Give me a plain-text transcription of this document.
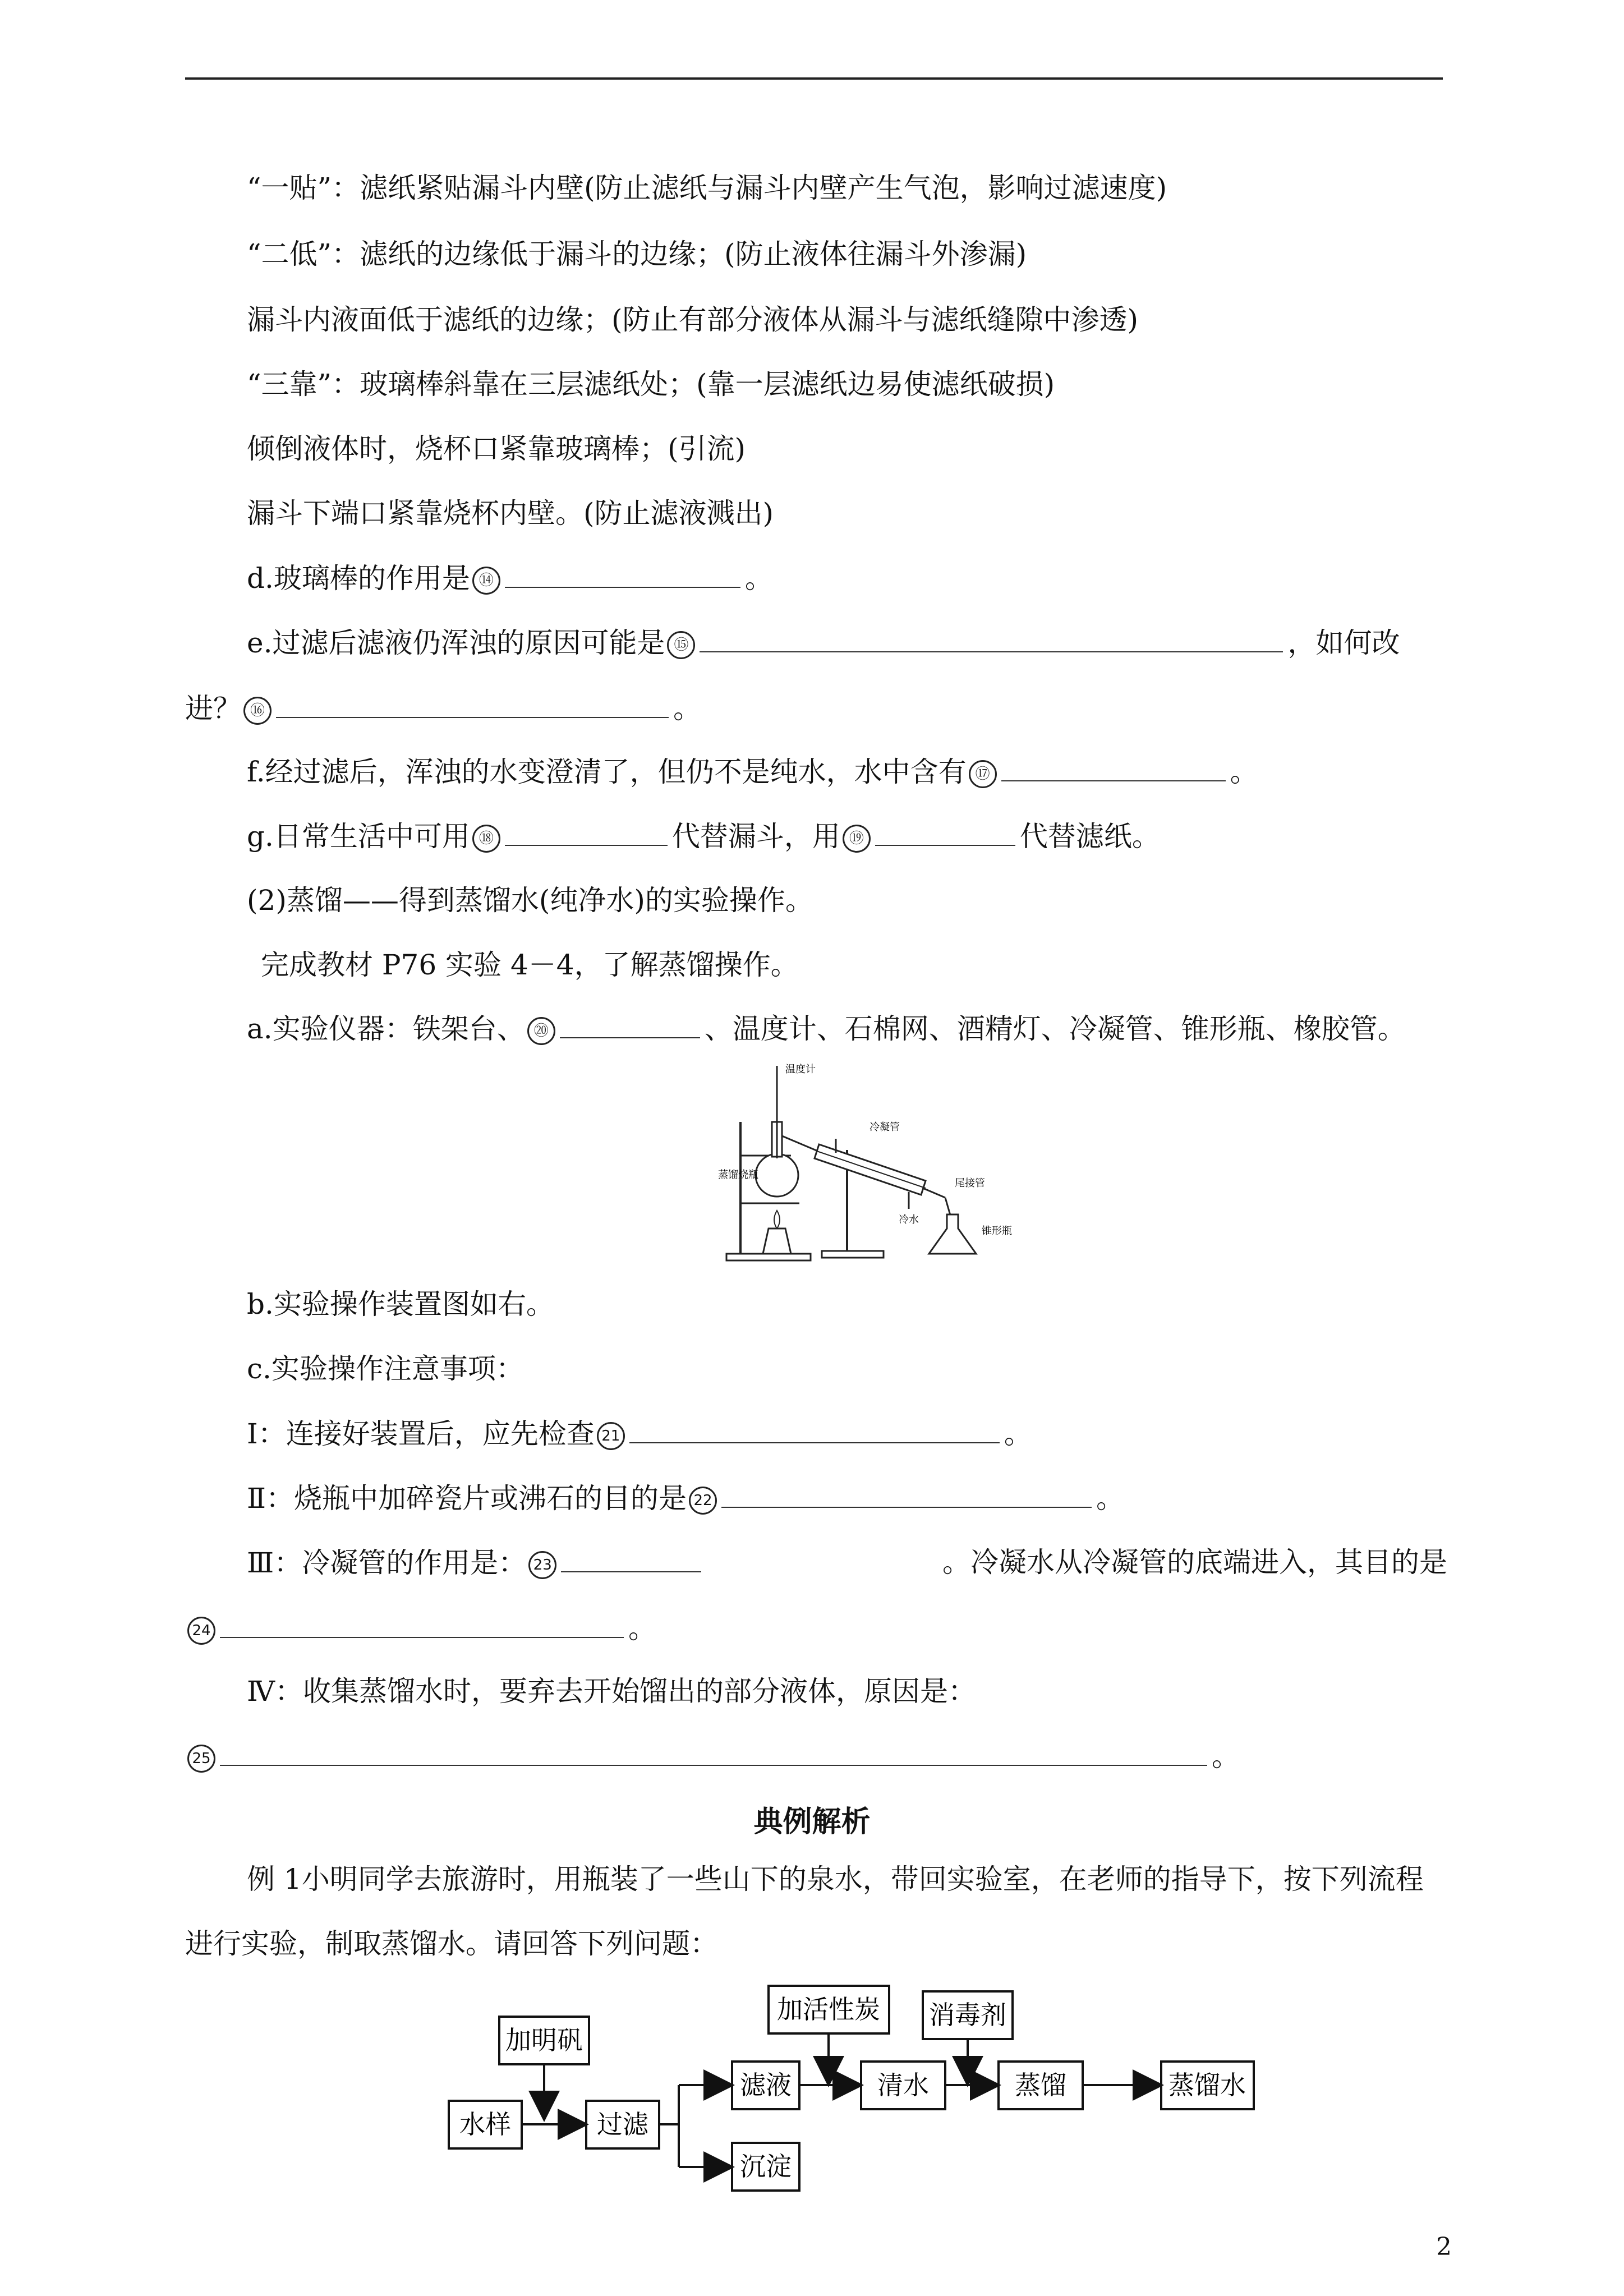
“一贴”：滤纸紧贴漏斗内壁(防止滤纸与漏斗内壁产生气泡，影响过滤速度)
“二低”：滤纸的边缘低于漏斗的边缘；(防止液体往漏斗外渗漏)
漏斗内液面低于滤纸的边缘；(防止有部分液体从漏斗与滤纸缝隙中渗透)
“三靠”：玻璃棒斜靠在三层滤纸处；(靠一层滤纸边易使滤纸破损)
倾倒液体时，烧杯口紧靠玻璃棒；(引流)
漏斗下端口紧靠烧杯内壁。(防止滤液溅出)
d.玻璃棒的作用是 ⑭	。
e.过滤后滤液仍浑浊的原因可能是 ⑮	，如何改
进？ ⑯	。
f.经过滤后，浑浊的水变澄清了，但仍不是纯水，水中含有 ⑰	。
g.日常生活中可用 ⑱	代替漏斗，用 ⑲	代替滤纸。
(2)蒸馏——得到蒸馏水(纯净水)的实验操作。
完成教材 P76 实验 4－4，了解蒸馏操作。
a.实验仪器：铁架台、 ⑳	、温度计、石棉网、酒精灯、冷凝管、锥形瓶、橡胶管。
温度计
冷凝管
蒸馏烧瓶
尾接管
冷水
锥形瓶
b.实验操作装置图如右。
c.实验操作注意事项：
Ⅰ：连接好装置后，应先检查 21	。
Ⅱ：烧瓶中加碎瓷片或沸石的目的是 22	。
Ⅲ：冷凝管的作用是： 23	。冷凝水从冷凝管的底端进入，其目的是
24	。
Ⅳ：收集蒸馏水时，要弃去开始馏出的部分液体，原因是：
25	。
典例解析
例 1小明同学去旅游时，用瓶装了一些山下的泉水，带回实验室，在老师的指导下，按下列流程
进行实验，制取蒸馏水。请回答下列问题：
加明矾
水样	过滤
滤液
沉淀
加活性炭
清水
消毒剂
蒸馏	蒸馏水
2
